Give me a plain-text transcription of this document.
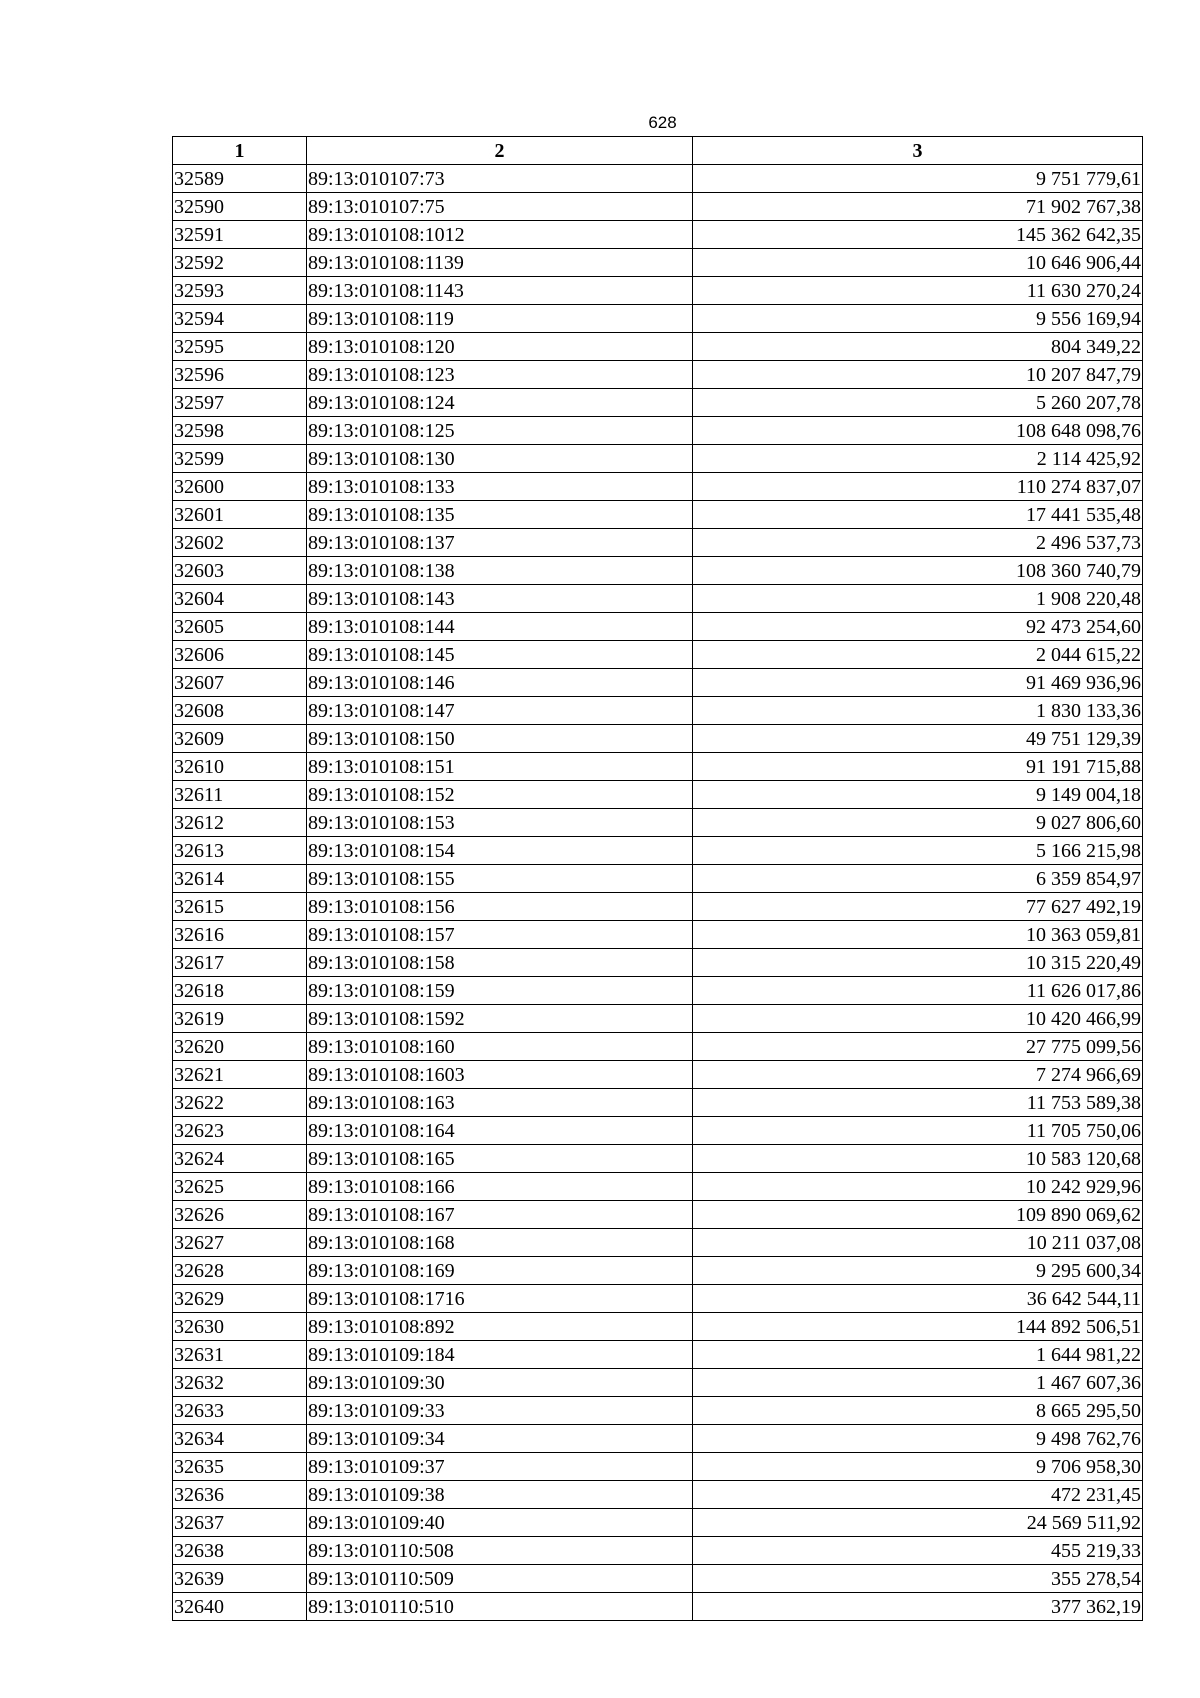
628
1	2	3
32589	89:13:010107:73	9 751 779,61
32590	89:13:010107:75	71 902 767,38
32591	89:13:010108:1012	145 362 642,35
32592	89:13:010108:1139	10 646 906,44
32593	89:13:010108:1143	11 630 270,24
32594	89:13:010108:119	9 556 169,94
32595	89:13:010108:120	804 349,22
32596	89:13:010108:123	10 207 847,79
32597	89:13:010108:124	5 260 207,78
32598	89:13:010108:125	108 648 098,76
32599	89:13:010108:130	2 114 425,92
32600	89:13:010108:133	110 274 837,07
32601	89:13:010108:135	17 441 535,48
32602	89:13:010108:137	2 496 537,73
32603	89:13:010108:138	108 360 740,79
32604	89:13:010108:143	1 908 220,48
32605	89:13:010108:144	92 473 254,60
32606	89:13:010108:145	2 044 615,22
32607	89:13:010108:146	91 469 936,96
32608	89:13:010108:147	1 830 133,36
32609	89:13:010108:150	49 751 129,39
32610	89:13:010108:151	91 191 715,88
32611	89:13:010108:152	9 149 004,18
32612	89:13:010108:153	9 027 806,60
32613	89:13:010108:154	5 166 215,98
32614	89:13:010108:155	6 359 854,97
32615	89:13:010108:156	77 627 492,19
32616	89:13:010108:157	10 363 059,81
32617	89:13:010108:158	10 315 220,49
32618	89:13:010108:159	11 626 017,86
32619	89:13:010108:1592	10 420 466,99
32620	89:13:010108:160	27 775 099,56
32621	89:13:010108:1603	7 274 966,69
32622	89:13:010108:163	11 753 589,38
32623	89:13:010108:164	11 705 750,06
32624	89:13:010108:165	10 583 120,68
32625	89:13:010108:166	10 242 929,96
32626	89:13:010108:167	109 890 069,62
32627	89:13:010108:168	10 211 037,08
32628	89:13:010108:169	9 295 600,34
32629	89:13:010108:1716	36 642 544,11
32630	89:13:010108:892	144 892 506,51
32631	89:13:010109:184	1 644 981,22
32632	89:13:010109:30	1 467 607,36
32633	89:13:010109:33	8 665 295,50
32634	89:13:010109:34	9 498 762,76
32635	89:13:010109:37	9 706 958,30
32636	89:13:010109:38	472 231,45
32637	89:13:010109:40	24 569 511,92
32638	89:13:010110:508	455 219,33
32639	89:13:010110:509	355 278,54
32640	89:13:010110:510	377 362,19
